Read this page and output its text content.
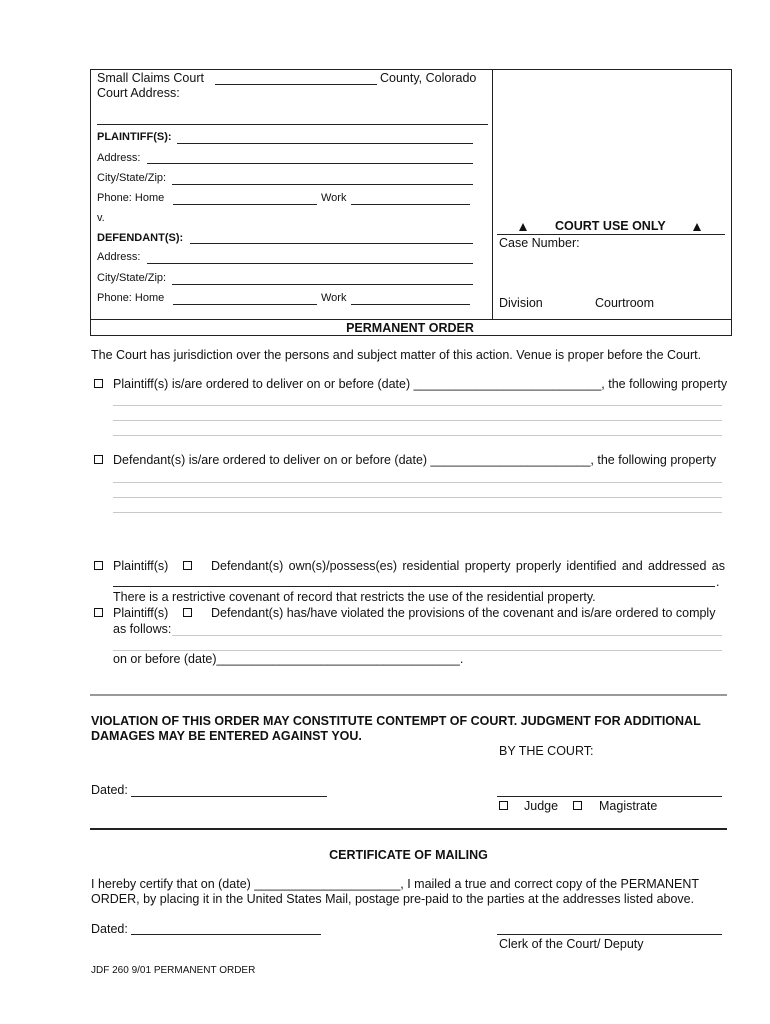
Small Claims Court	County, Colorado
Court Address:
PLAINTIFF(S):
Address:
City/State/Zip:
Phone: Home	Work
v.
DEFENDANT(S):
Address:
City/State/Zip:
Phone: Home	Work
COURT USE ONLY
Case Number:
Division	Courtroom
PERMANENT ORDER
The Court has jurisdiction over the persons and subject matter of this action. Venue is proper before the Court.
Plaintiff(s) is/are ordered to deliver on or before (date) ___________________________, the following property
Defendant(s) is/are ordered to deliver on or before (date) _______________________, the following property
Plaintiff(s)	Defendant(s) own(s)/possess(es) residential property properly identified and addressed as
.
There is a restrictive covenant of record that restricts the use of the residential property.
Plaintiff(s)	Defendant(s) has/have violated the provisions of the covenant and is/are ordered to comply
as follows:
on or before (date)___________________________________.
VIOLATION OF THIS ORDER MAY CONSTITUTE CONTEMPT OF COURT. JUDGMENT FOR ADDITIONAL
DAMAGES MAY BE ENTERED AGAINST YOU.
BY THE COURT:
Dated:
Judge	Magistrate
CERTIFICATE OF MAILING
I hereby certify that on (date) _____________________, I mailed a true and correct copy of the PERMANENT
ORDER, by placing it in the United States Mail, postage pre-paid to the parties at the addresses listed above.
Dated:
Clerk of the Court/ Deputy
JDF 260 9/01 PERMANENT ORDER
